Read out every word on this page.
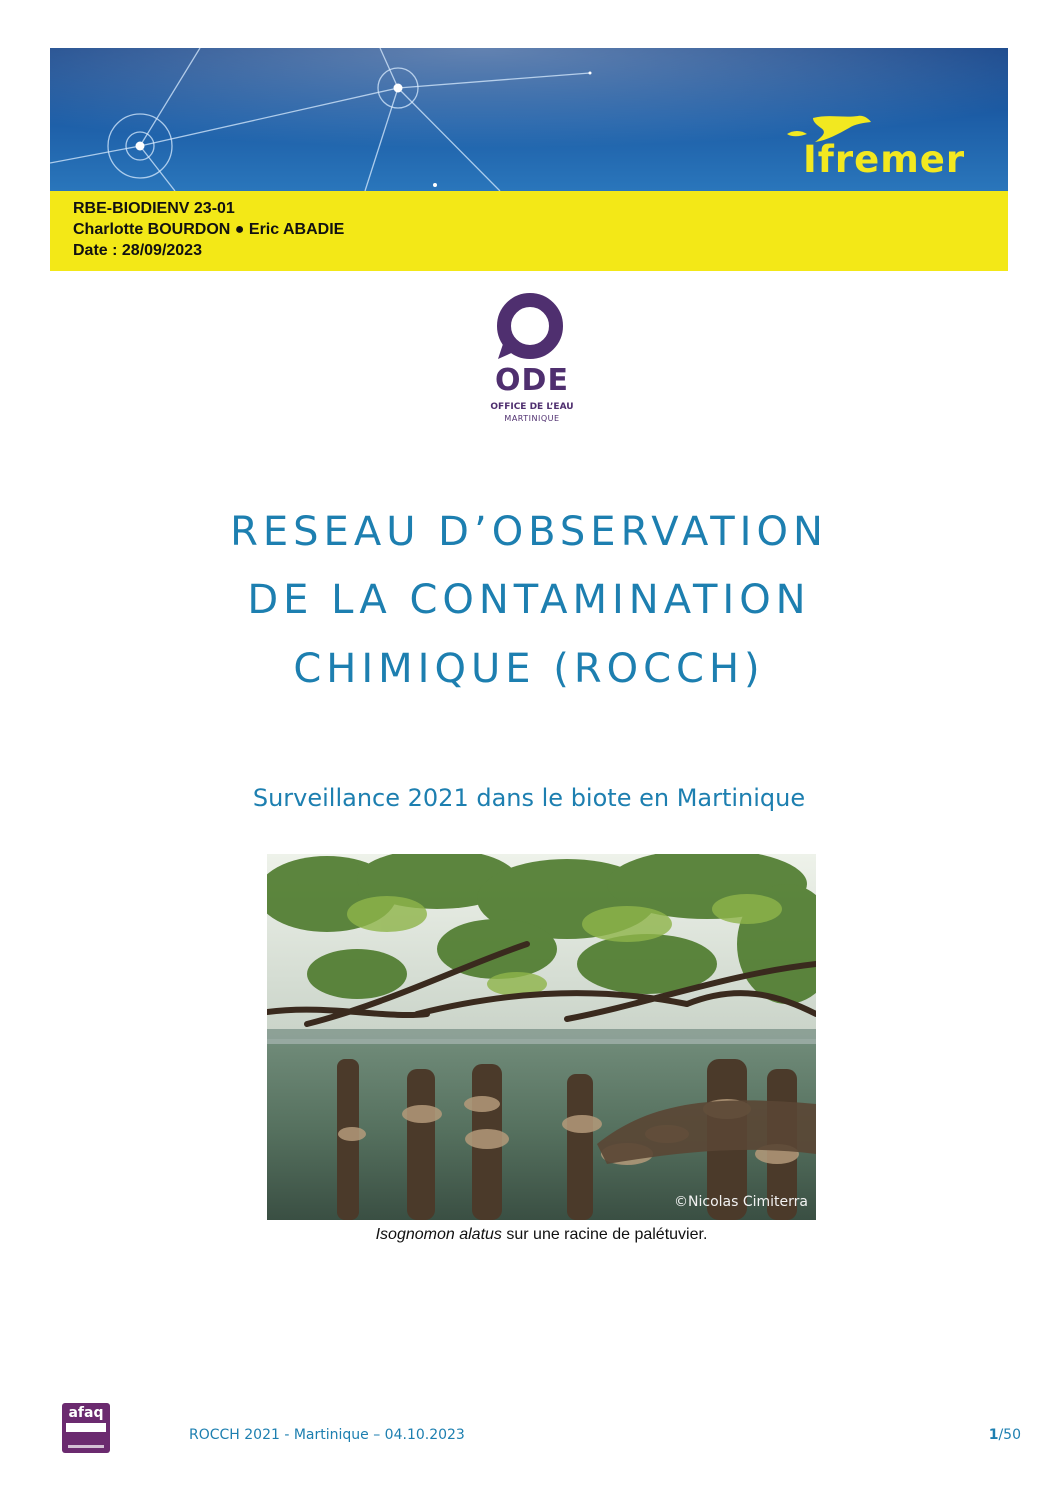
Ifremer
RBE-BIODIENV 23-01
Charlotte BOURDON ● Eric ABADIE
Date : 28/09/2023
ODE
OFFICE DE L’EAU
MARTINIQUE
RESEAU D’OBSERVATION
DE LA CONTAMINATION
CHIMIQUE (ROCCH)
Surveillance 2021 dans le biote en Martinique
©Nicolas Cimiterra
Isognomon alatus sur une racine de palétuvier.
afaq
ROCCH 2021 - Martinique – 04.10.2023	1/50
